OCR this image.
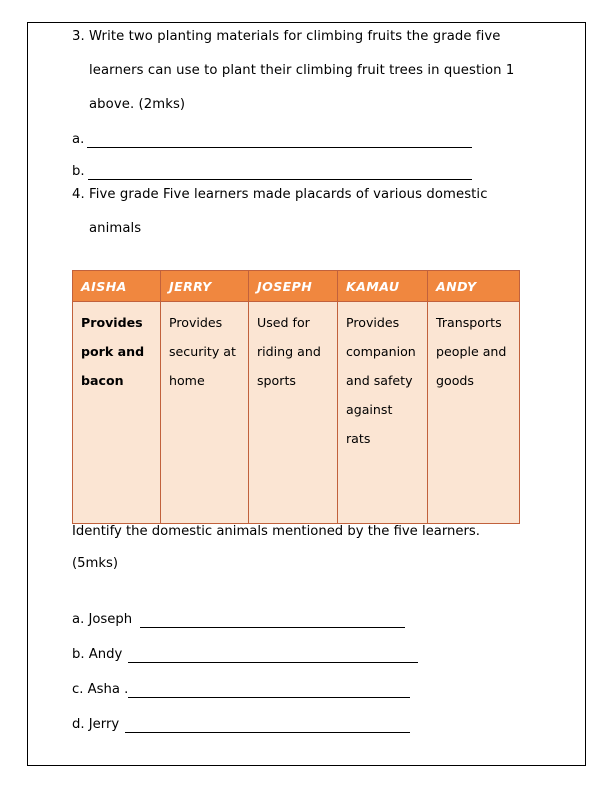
3. Write two planting materials for climbing fruits the grade five
learners can use to plant their climbing fruit trees in question 1
above. (2mks)
a.
b.
4. Five grade Five learners made placards of various domestic
animals
AISHA	JERRY	JOSEPH	KAMAU	ANDY

Provides pork and bacon	Provides security at home	Used for riding and sports	Provides companion and safety against rats	Transports people and goods
Identify the domestic animals mentioned by the five learners.
(5mks)
a. Joseph
b. Andy
c. Asha .
d. Jerry
